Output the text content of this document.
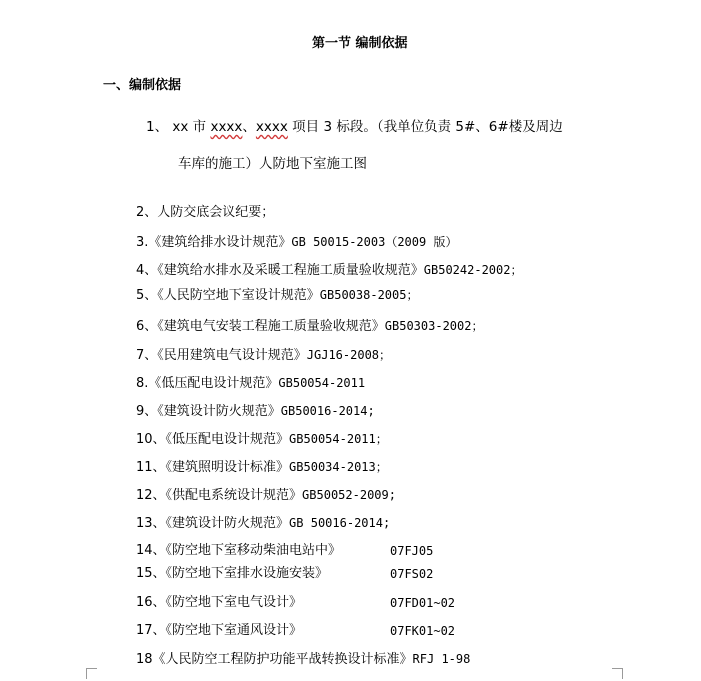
第一节 编制依据
一、编制依据
1、 xx 市 xxxx、xxxx 项目 3 标段。（我单位负责 5#、6#楼及周边
车库的施工）人防地下室施工图
2、人防交底会议纪要；
3.《建筑给排水设计规范》GB 50015-2003（2009 版）
4、《建筑给水排水及采暖工程施工质量验收规范》GB50242-2002；
5、《人民防空地下室设计规范》GB50038-2005；
6、《建筑电气安装工程施工质量验收规范》GB50303-2002；
7、《民用建筑电气设计规范》JGJ16-2008；
8.《低压配电设计规范》GB50054-2011
9、《建筑设计防火规范》GB50016-2014;
10、《低压配电设计规范》GB50054-2011；
11、《建筑照明设计标准》GB50034-2013；
12、《供配电系统设计规范》GB50052-2009;
13、《建筑设计防火规范》GB 50016-2014;
14、《防空地下室移动柴油电站中》	07FJ05
15、《防空地下室排水设施安装》	07FS02
16、《防空地下室电气设计》	07FD01~02
17、《防空地下室通风设计》	07FK01~02
18《人民防空工程防护功能平战转换设计标准》RFJ 1-98
